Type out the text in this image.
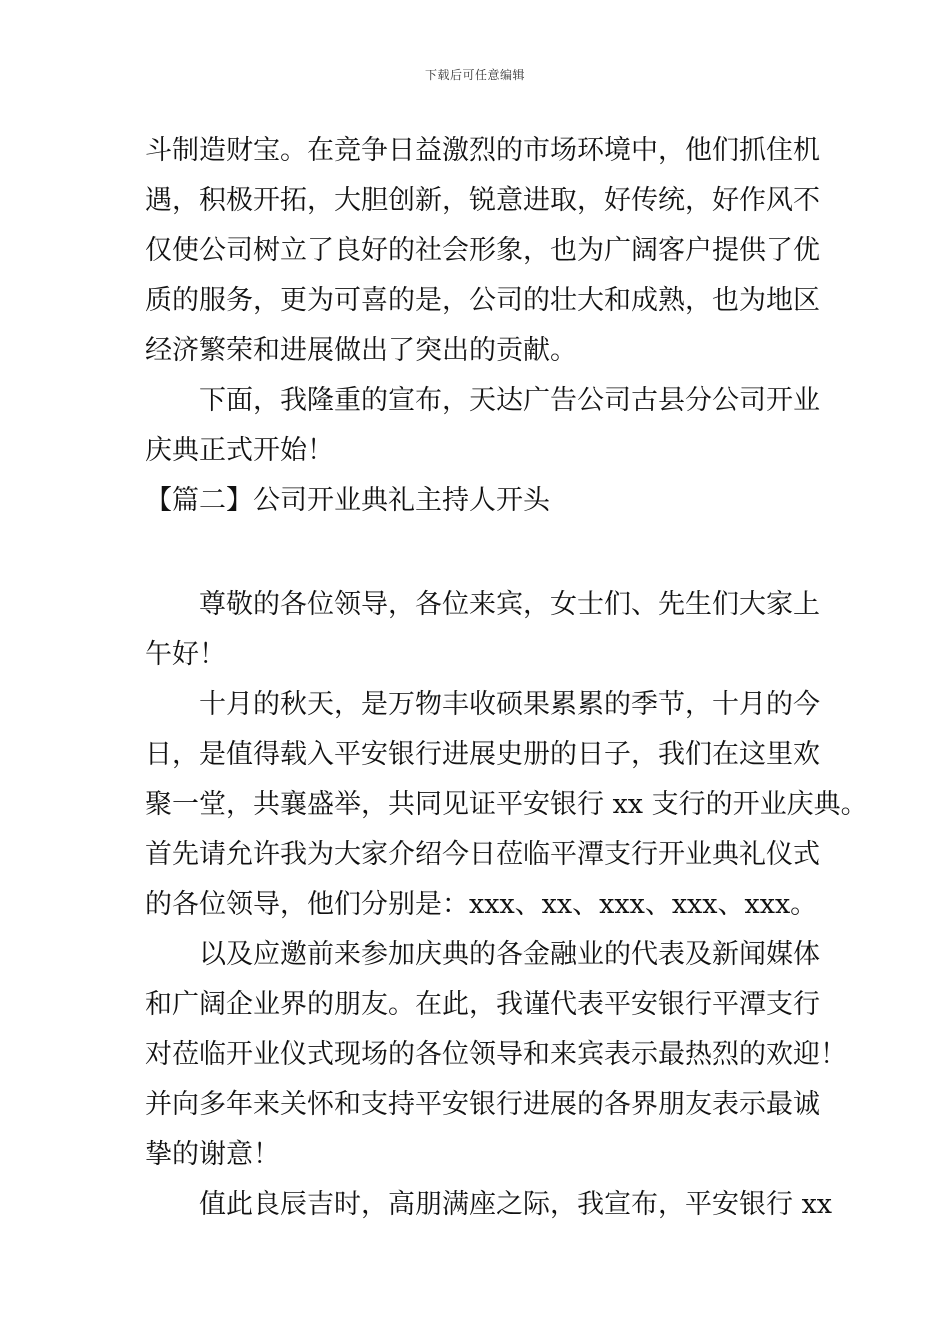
下载后可任意编辑
斗制造财宝。在竞争日益激烈的市场环境中，他们抓住机
遇，积极开拓，大胆创新，锐意进取，好传统，好作风不
仅使公司树立了良好的社会形象，也为广阔客户提供了优
质的服务，更为可喜的是，公司的壮大和成熟，也为地区
经济繁荣和进展做出了突出的贡献。
下面，我隆重的宣布，天达广告公司古县分公司开业
庆典正式开始！
【篇二】公司开业典礼主持人开头
尊敬的各位领导，各位来宾，女士们、先生们大家上
午好！
十月的秋天，是万物丰收硕果累累的季节，十月的今
日，是值得载入平安银行进展史册的日子，我们在这里欢
聚一堂，共襄盛举，共同见证平安银行 xx 支行的开业庆典。
首先请允许我为大家介绍今日莅临平潭支行开业典礼仪式
的各位领导，他们分别是：xxx、xx、xxx、xxx、xxx。
以及应邀前来参加庆典的各金融业的代表及新闻媒体
和广阔企业界的朋友。在此，我谨代表平安银行平潭支行
对莅临开业仪式现场的各位领导和来宾表示最热烈的欢迎！
并向多年来关怀和支持平安银行进展的各界朋友表示最诚
挚的谢意！
值此良辰吉时，高朋满座之际，我宣布，平安银行 xx
